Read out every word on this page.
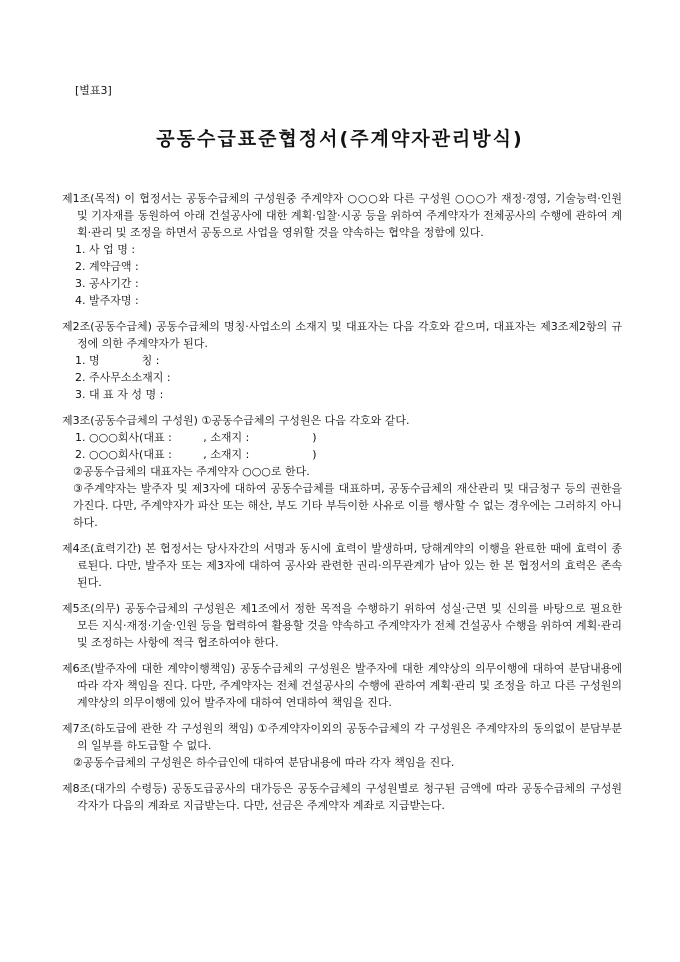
[별표3]
공동수급표준협정서(주계약자관리방식)

제1조(목적) 이 협정서는 공동수급체의 구성원중 주계약자 ○○○와 다른 구성원 ○○○가 재정·경영, 기술능력·인원 및 기자재를 동원하여 아래 건설공사에 대한 계획·입찰·시공 등을 위하여 주계약자가 전체공사의 수행에 관하여 계획·관리 및 조정을 하면서 공동으로 사업을 영위할 것을 약속하는 협약을 정함에 있다.

1. 사 업 명 :

2. 계약금액 :

3. 공사기간 :

4. 발주자명 :

제2조(공동수급체) 공동수급체의 명칭·사업소의 소재지 및 대표자는 다음 각호와 같으며, 대표자는 제3조제2항의 규정에 의한 주계약자가 된다.

1. 명            칭 :

2. 주사무소소재지 :

3. 대 표 자 성 명 :

제3조(공동수급체의 구성원) ①공동수급체의 구성원은 다음 각호와 같다.

1. ○○○회사(대표 :         , 소재지 :                  )

2. ○○○회사(대표 :         , 소재지 :                  )

②공동수급체의 대표자는 주계약자 ○○○로 한다.

③주계약자는 발주자 및 제3자에 대하여 공동수급체를 대표하며, 공동수급체의 재산관리 및 대금청구 등의 권한을 가진다. 다만, 주계약자가 파산 또는 해산, 부도 기타 부득이한 사유로 이를 행사할 수 없는 경우에는 그러하지 아니하다.

제4조(효력기간) 본 협정서는 당사자간의 서명과 동시에 효력이 발생하며, 당해계약의 이행을 완료한 때에 효력이 종료된다. 다만, 발주자 또는 제3자에 대하여 공사와 관련한 권리·의무관계가 남아 있는 한 본 협정서의 효력은 존속된다.

제5조(의무) 공동수급체의 구성원은 제1조에서 정한 목적을 수행하기 위하여 성실·근면 및 신의를 바탕으로 필요한 모든 지식·재정·기술·인원 등을 협력하여 활용할 것을 약속하고 주계약자가 전체 건설공사 수행을 위하여 계획·관리 및 조정하는 사항에 적극 협조하여야 한다.

제6조(발주자에 대한 계약이행책임) 공동수급체의 구성원은 발주자에 대한 계약상의 의무이행에 대하여 분담내용에 따라 각자 책임을 진다. 다만, 주계약자는 전체 건설공사의 수행에 관하여 계획·관리 및 조정을 하고 다른 구성원의 계약상의 의무이행에 있어 발주자에 대하여 연대하여 책임을 진다.

제7조(하도급에 관한 각 구성원의 책임) ①주계약자이외의 공동수급체의 각 구성원은 주계약자의 동의없이 분담부분의 일부를 하도급할 수 없다.

②공동수급체의 구성원은 하수급인에 대하여 분담내용에 따라 각자 책임을 진다.

제8조(대가의 수령등) 공동도급공사의 대가등은 공동수급체의 구성원별로 청구된 금액에 따라 공동수급체의 구성원 각자가 다음의 계좌로 지급받는다. 다만, 선금은 주계약자 계좌로 지급받는다.
